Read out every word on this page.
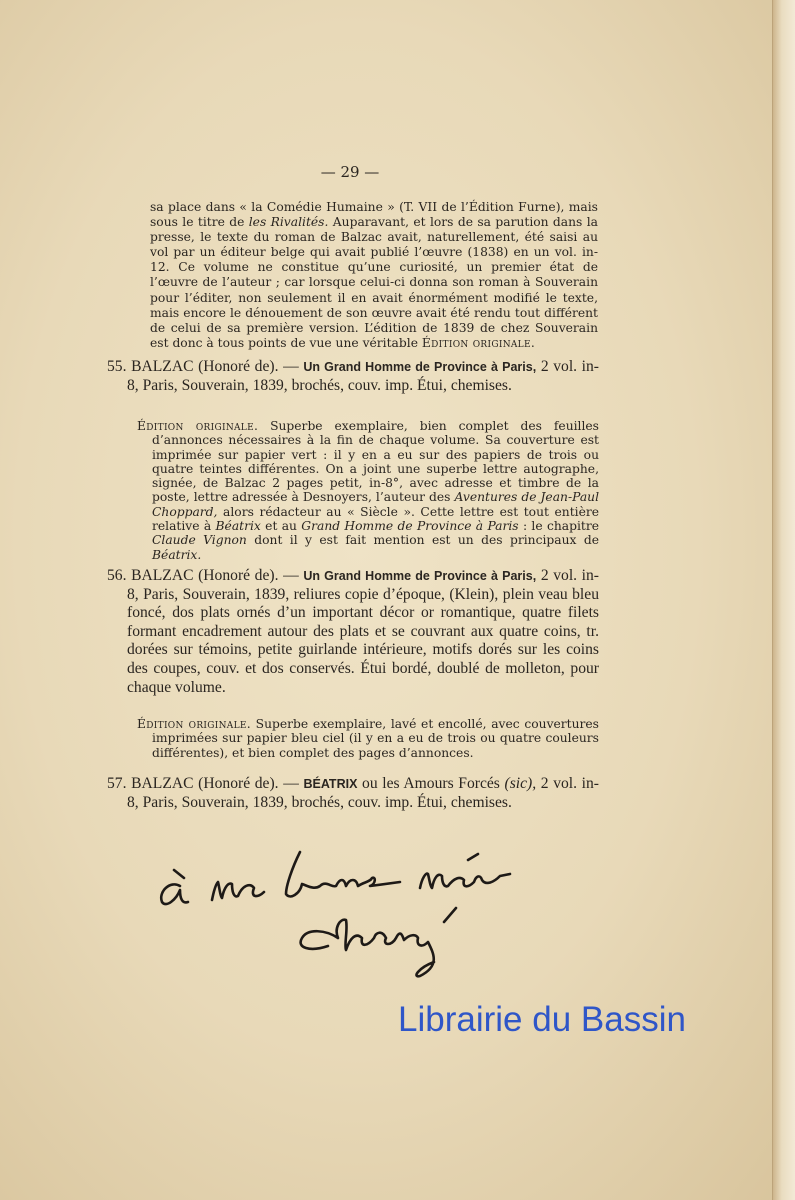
— 29 —
sa place dans « la Comédie Humaine » (T. VII de l’Édition Furne), mais sous le titre de les Rivalités. Auparavant, et lors de sa parution dans la presse, le texte du roman de Balzac avait, naturellement, été saisi au vol par un éditeur belge qui avait publié l’œuvre (1838) en un vol. in-12. Ce volume ne constitue qu’une curiosité, un premier état de l’œuvre de l’auteur ; car lorsque celui-ci donna son roman à Souverain pour l’éditer, non seulement il en avait énormément modifié le texte, mais encore le dénouement de son œuvre avait été rendu tout différent de celui de sa première version. L’édition de 1839 de chez Souverain est donc à tous points de vue une véritable Édition originale.
55. BALZAC (Honoré de). — Un Grand Homme de Province à Paris, 2 vol. in-8, Paris, Souverain, 1839, brochés, couv. imp. Étui, chemises.
Édition originale. Superbe exemplaire, bien complet des feuilles d’annonces nécessaires à la fin de chaque volume. Sa couverture est imprimée sur papier vert : il y en a eu sur des papiers de trois ou quatre teintes différentes. On a joint une superbe lettre autographe, signée, de Balzac 2 pages petit, in-8°, avec adresse et timbre de la poste, lettre adressée à Desnoyers, l’auteur des Aventures de Jean-Paul Choppard, alors rédacteur au « Siècle ». Cette lettre est tout entière relative à Béatrix et au Grand Homme de Province à Paris : le chapitre Claude Vignon dont il y est fait mention est un des principaux de Béatrix.
56. BALZAC (Honoré de). — Un Grand Homme de Province à Paris, 2 vol. in-8, Paris, Souverain, 1839, reliures copie d’époque, (Klein), plein veau bleu foncé, dos plats ornés d’un important décor or romantique, quatre filets formant encadrement autour des plats et se couvrant aux quatre coins, tr. dorées sur témoins, petite guirlande intérieure, motifs dorés sur les coins des coupes, couv. et dos conservés. Étui bordé, doublé de molleton, pour chaque volume.
Édition originale. Superbe exemplaire, lavé et encollé, avec couvertures imprimées sur papier bleu ciel (il y en a eu de trois ou quatre couleurs différentes), et bien complet des pages d’annonces.
57. BALZAC (Honoré de). — BÉATRIX ou les Amours Forcés (sic), 2 vol. in-8, Paris, Souverain, 1839, brochés, couv. imp. Étui, chemises.
Librairie du Bassin
